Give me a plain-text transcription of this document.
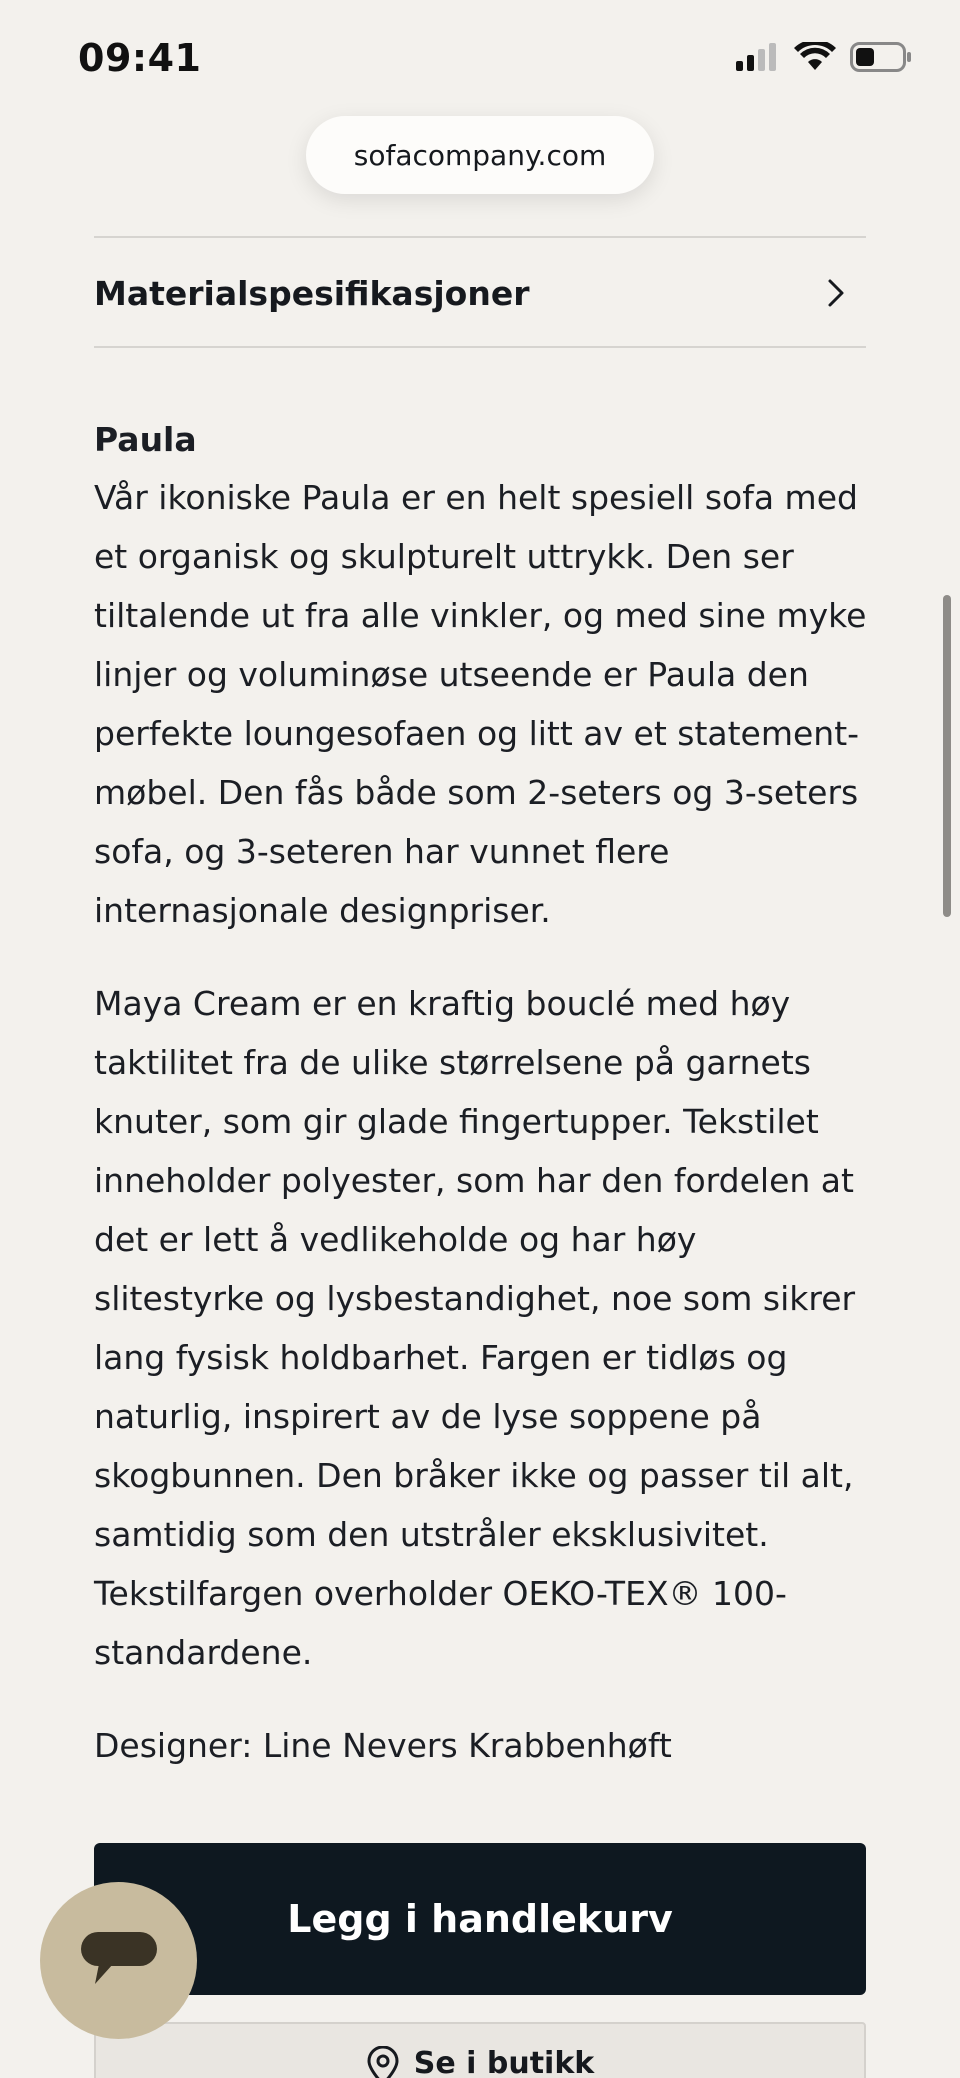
09:41
sofacompany.com
Materialspesifikasjoner
Paula

Vår ikoniske Paula er en helt spesiell sofa med et organisk og skulpturelt uttrykk. Den ser tiltalende ut fra alle vinkler, og med sine myke linjer og voluminøse utseende er Paula den perfekte loungesofaen og litt av et statement-møbel. Den fås både som 2-seters og 3-seters sofa, og 3-seteren har vunnet flere internasjonale designpriser.

Maya Cream er en kraftig bouclé med høy taktilitet fra de ulike størrelsene på garnets knuter, som gir glade fingertupper. Tekstilet inneholder polyester, som har den fordelen at det er lett å vedlikeholde og har høy slitestyrke og lysbestandighet, noe som sikrer lang fysisk holdbarhet. Fargen er tidløs og naturlig, inspirert av de lyse soppene på skogbunnen. Den bråker ikke og passer til alt, samtidig som den utstråler eksklusivitet. Tekstilfargen overholder OEKO-TEX® 100-standardene.

Designer: Line Nevers Krabbenhøft

Legg i handlekurv
Se i butikk
